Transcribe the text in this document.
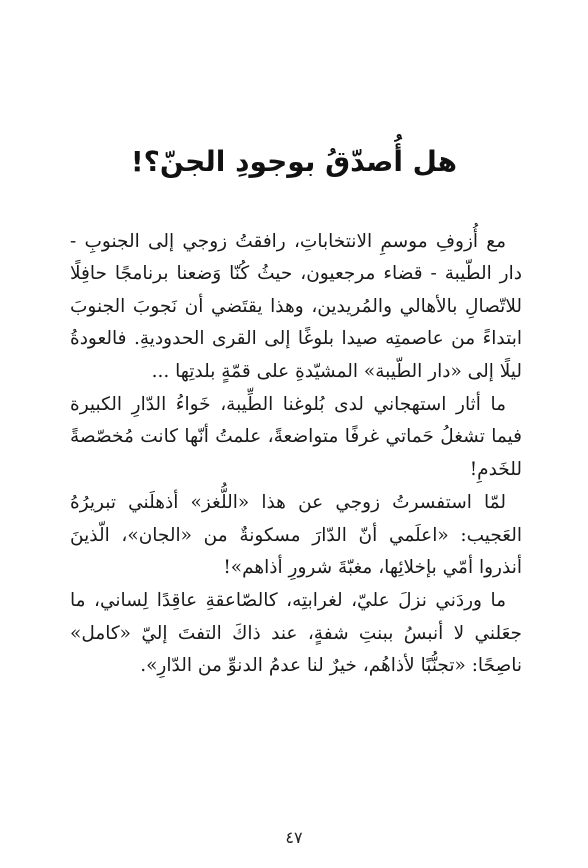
هل أُصدّقُ بوجودِ الجنّ؟!

مع أُزوفِ موسمِ الانتخاباتِ، رافقتُ زوجي إلى الجنوبِ - دار الطّيبة - قضاء مرجعيون، حيثُ كُنّا وَضعنا برنامجًا حافِلًا للاتّصالِ بالأهالي والمُريدين، وهذا يقتَضي أن نَجوبَ الجنوبَ ابتداءً من عاصمتِه صيدا بلوغًا إلى القرى الحدوديةِ. فالعودةُ ليلًا إلى «دار الطّيبة» المشيّدةِ على قمّةٍ بلدتِها ...

ما أثار استهجاني لدى بُلوغنا الطِّيبة، خَواءُ الدّارِ الكبيرة فيما تشغلُ حَماتي غرفًا متواضعةً، علمتُ أنّها كانت مُخصّصةً للخَدمِ!

لمّا استفسرتُ زوجي عن هذا «اللُّغز» أذهلَني تبريرُهُ العَجيب: «اعلَمي أنّ الدّارَ مسكونةٌ من «الجان»، الّذينَ أنذروا أمّي بإخلائِها، مغبّةَ شرورِ أذاهم»!

ما وردَني نزلَ عليّ، لغرابتِه، كالصّاعقةِ عاقِدًا لِساني، ما جعَلني لا أنبسُ ببنتِ شفةٍ، عند ذاكَ التفتَ إليّ «كامل» ناصِحًا: «تجنُّبًا لأذاهُم، خيرٌ لنا عدمُ الدنوِّ من الدّارِ».

٤٧
